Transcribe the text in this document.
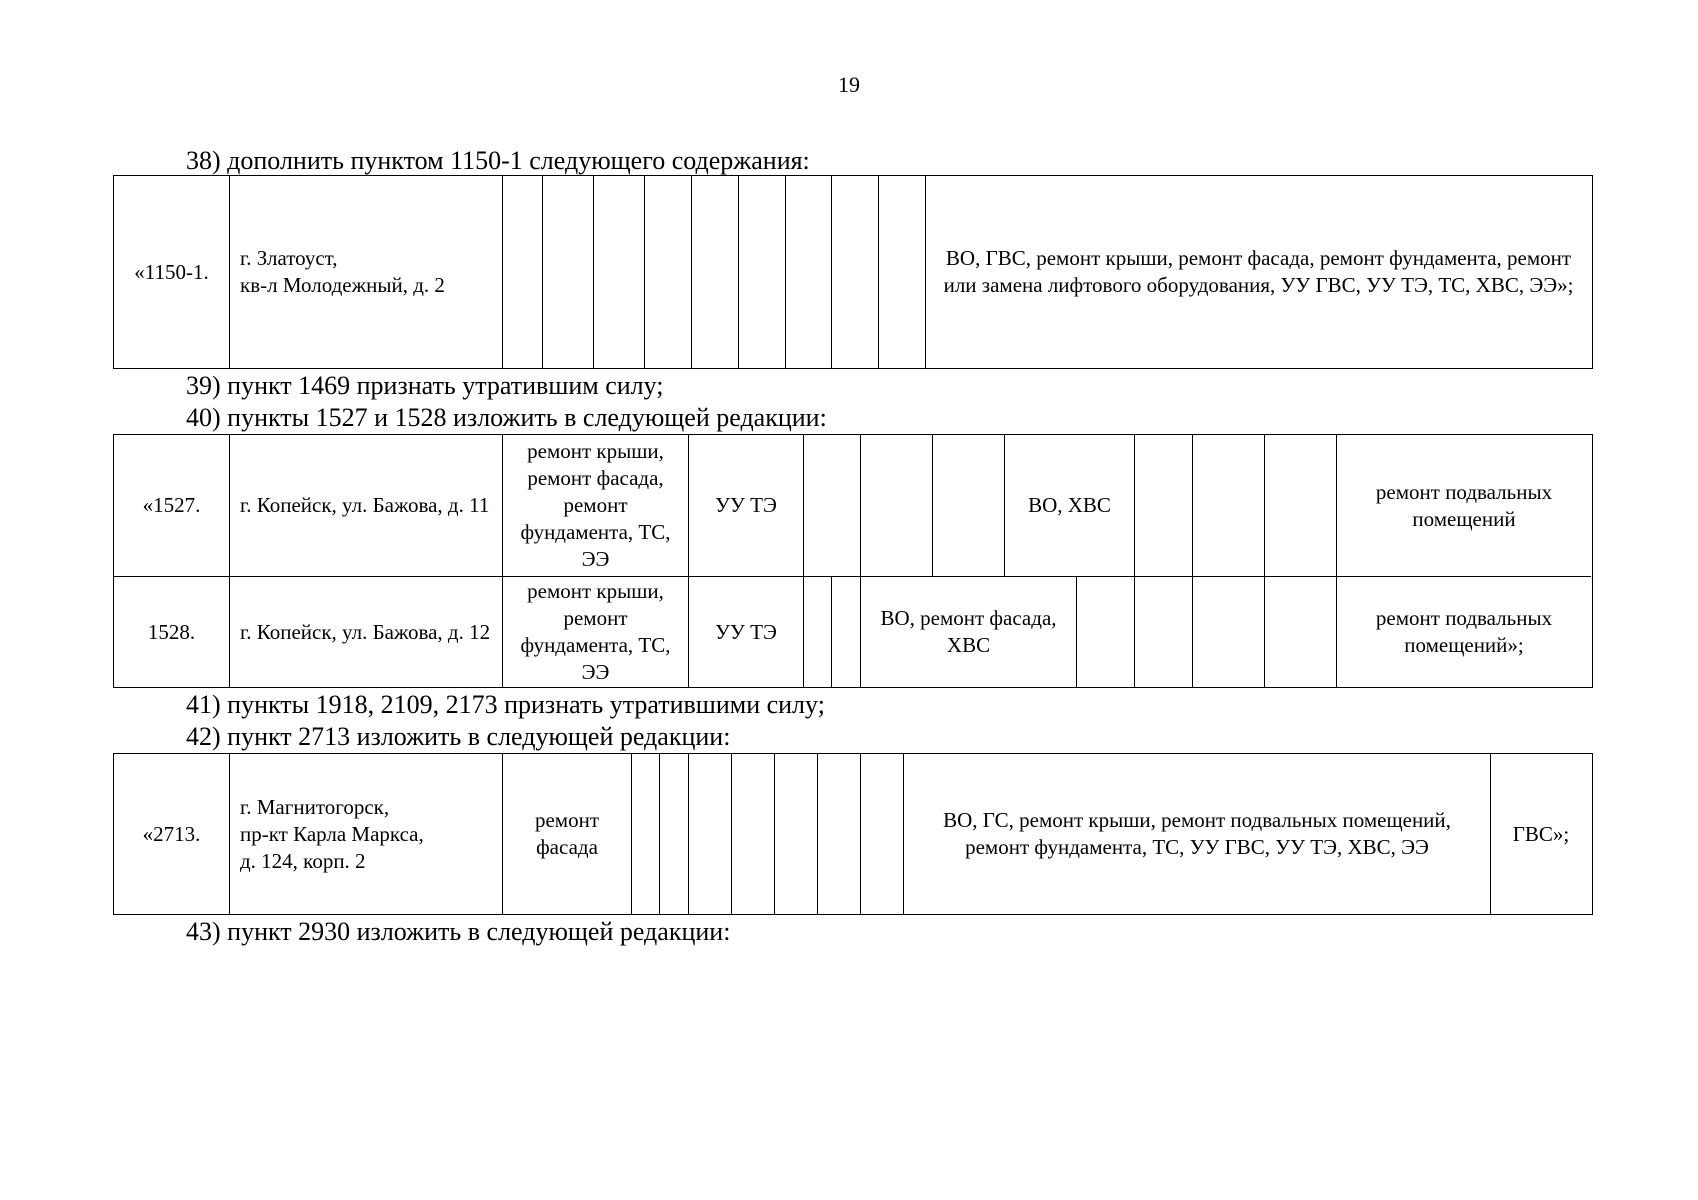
19
38) дополнить пунктом 1150-1 следующего содержания:
«1150-1.
г. Златоуст,
кв-л Молодежный, д. 2
ВО, ГВС, ремонт крыши, ремонт фасада, ремонт фундамента, ремонт или замена лифтового оборудования, УУ ГВС, УУ ТЭ, ТС, ХВС, ЭЭ»;
39) пункт 1469 признать утратившим силу;
40) пункты 1527 и 1528 изложить в следующей редакции:
«1527. г. Копейск, ул. Бажова, д. 11
ремонт крыши, ремонт фасада, ремонт фундамента, ТС, ЭЭ
УУ ТЭ	ВО, ХВС
ремонт подвальных помещений
1528. г. Копейск, ул. Бажова, д. 12
ремонт крыши, ремонт фундамента, ТС, ЭЭ
УУ ТЭ
ВО, ремонт фасада, ХВС
ремонт подвальных помещений»;
41) пункты 1918, 2109, 2173 признать утратившими силу;
42) пункт 2713 изложить в следующей редакции:
«2713.
г. Магнитогорск,
пр-кт Карла Маркса,
д. 124, корп. 2
ремонт фасада
ВО, ГС, ремонт крыши, ремонт подвальных помещений, ремонт фундамента, ТС, УУ ГВС, УУ ТЭ, ХВС, ЭЭ
ГВС»;
43) пункт 2930 изложить в следующей редакции:
